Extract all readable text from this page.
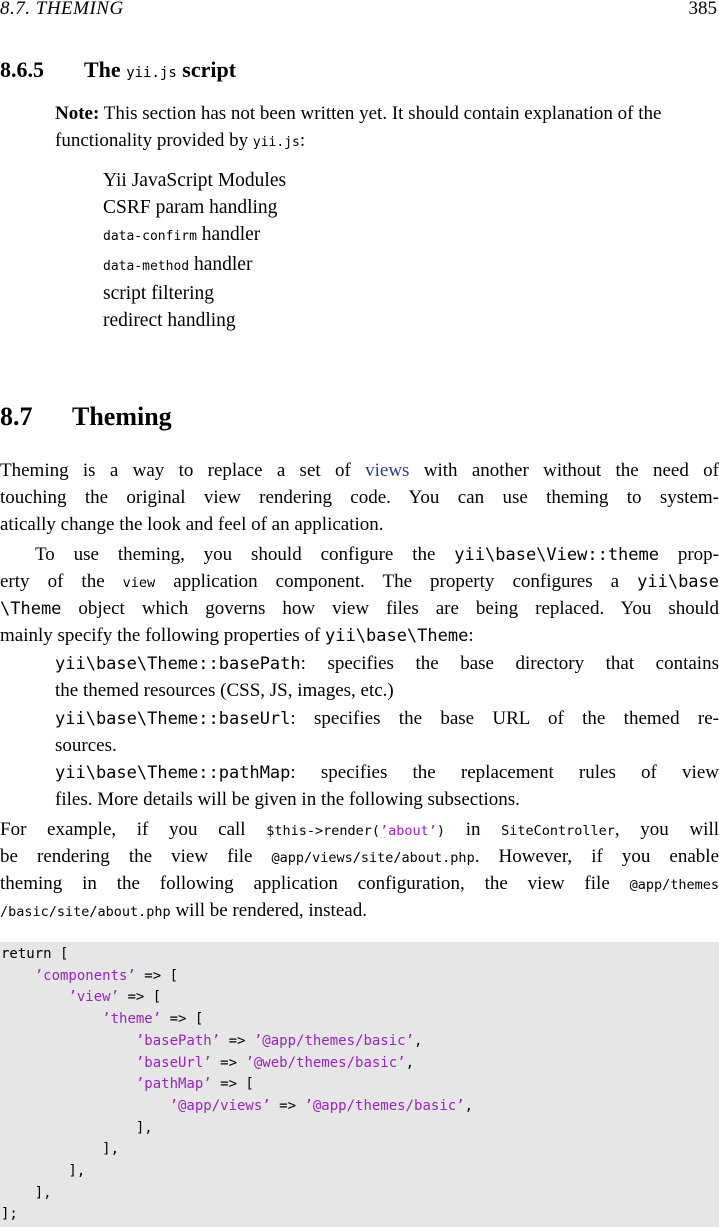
8.7. THEMING	385
8.6.5 The yii.js script
Note: This section has not been written yet. It should contain explanation of the functionality provided by yii.js:
Yii JavaScript Modules
CSRF param handling
data-confirm handler
data-method handler
script filtering
redirect handling
8.7 Theming
Theming is a way to replace a set of views with another without the need of
touching the original view rendering code. You can use theming to system-
atically change the look and feel of an application.
To use theming, you should configure the yii\base\View::theme prop-
erty of the view application component. The property configures a yii\base
\Theme object which governs how view files are being replaced. You should
mainly specify the following properties of yii\base\Theme:
yii\base\Theme::basePath: specifies the base directory that contains
the themed resources (CSS, JS, images, etc.)
yii\base\Theme::baseUrl: specifies the base URL of the themed re-
sources.
yii\base\Theme::pathMap: specifies the replacement rules of view
files. More details will be given in the following subsections.
For example, if you call $this->render(’about’) in SiteController, you will
be rendering the view file @app/views/site/about.php. However, if you enable
theming in the following application configuration, the view file @app/themes
/basic/site/about.php will be rendered, instead.
return [
’components’ => [
’view’ => [
’theme’ => [
’basePath’ => ’@app/themes/basic’,
’baseUrl’ => ’@web/themes/basic’,
’pathMap’ => [
’@app/views’ => ’@app/themes/basic’,
],
],
],
],
];
